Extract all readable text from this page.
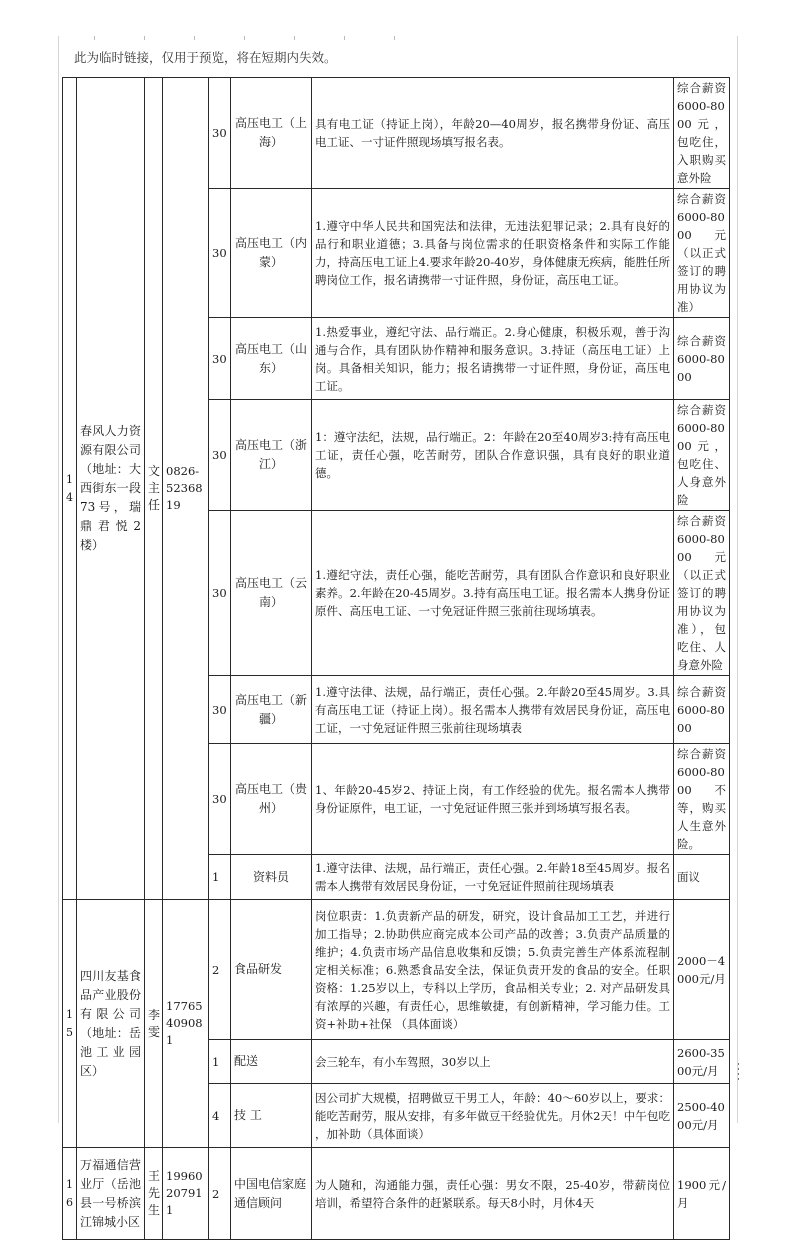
此为临时链接，仅用于预览，将在短期内失效。
14	春风人力资源有限公司（地址：大西街东一段73号，瑞鼎君悦2楼）	文主任	0826-5236819	30	高压电工（上海）	具有电工证（持证上岗），年龄20—40周岁，报名携带身份证、高压电工证、一寸证件照现场填写报名表。	综合薪资6000-8000元，包吃住，入职购买意外险
				30	高压电工（内蒙）	1.遵守中华人民共和国宪法和法律，无违法犯罪记录；2.具有良好的品行和职业道德；3.具备与岗位需求的任职资格条件和实际工作能力，持高压电工证上4.要求年龄20-40岁，身体健康无疾病，能胜任所聘岗位工作，报名请携带一寸证件照，身份证，高压电工证。	综合薪资6000-8000元（以正式签订的聘用协议为准）
				30	高压电工（山东）	1.热爱事业，遵纪守法、品行端正。2.身心健康，积极乐观，善于沟通与合作，具有团队协作精神和服务意识。3.持证（高压电工证）上岗。具备相关知识，能力；报名请携带一寸证件照，身份证，高压电工证。	综合薪资6000-8000
				30	高压电工（浙江）	1：遵守法纪，法规，品行端正。2：年龄在20至40周岁3:持有高压电工证，责任心强，吃苦耐劳，团队合作意识强，具有良好的职业道德。	综合薪资6000-8000元，包吃住、人身意外险
				30	高压电工（云南）	1.遵纪守法，责任心强，能吃苦耐劳，具有团队合作意识和良好职业素养。2.年龄在20-45周岁。3.持有高压电工证。报名需本人携身份证原件、高压电工证、一寸免冠证件照三张前往现场填表。	综合薪资6000-8000元（以正式签订的聘用协议为准），包吃住、人身意外险
				30	高压电工（新疆）	1.遵守法律、法规，品行端正，责任心强。2.年龄20至45周岁。3.具有高压电工证（持证上岗）。报名需本人携带有效居民身份证，高压电工证，一寸免冠证件照三张前往现场填表	综合薪资6000-8000
				30	高压电工（贵州）	1、年龄20-45岁2、持证上岗，有工作经验的优先。报名需本人携带身份证原件，电工证，一寸免冠证件照三张并到场填写报名表。	综合薪资6000-8000不等，购买人生意外险。
				1	资料员	1.遵守法律、法规，品行端正，责任心强。2.年龄18至45周岁。报名需本人携带有效居民身份证，一寸免冠证件照前往现场填表	面议
15	四川友基食品产业股份有限公司（地址：岳池工业园区）	李雯	17765409081	2	食品研发	岗位职责：1.负责新产品的研发，研究，设计食品加工工艺，并进行加工指导；2.协助供应商完成本公司产品的改善；3.负责产品质量的维护；4.负责市场产品信息收集和反馈；5.负责完善生产体系流程制定相关标准；6.熟悉食品安全法，保证负责开发的食品的安全。任职资格：1.25岁以上，专科以上学历，食品相关专业；2. 对产品研发具有浓厚的兴趣，有责任心，思维敏捷，有创新精神，学习能力佳。工资+补助+社保 （具体面谈）	2000－4000元/月
				1	配送	会三轮车，有小车驾照，30岁以上	2600-3500元/月
				4	技 工	因公司扩大规模，招聘做豆干男工人，年龄：40～60岁以上，要求：能吃苦耐劳，服从安排，有多年做豆干经验优先。月休2天！中午包吃 ，加补助（具体面谈）	2500-4000元/月
16	万福通信营业厅（岳池县一号桥滨江锦城小区	王先生	19960207911	2	中国电信家庭通信顾问	为人随和，沟通能力强，责任心强：男女不限，25-40岁，带薪岗位培训，希望符合条件的赶紧联系。每天8小时，月休4天	1900元/月
